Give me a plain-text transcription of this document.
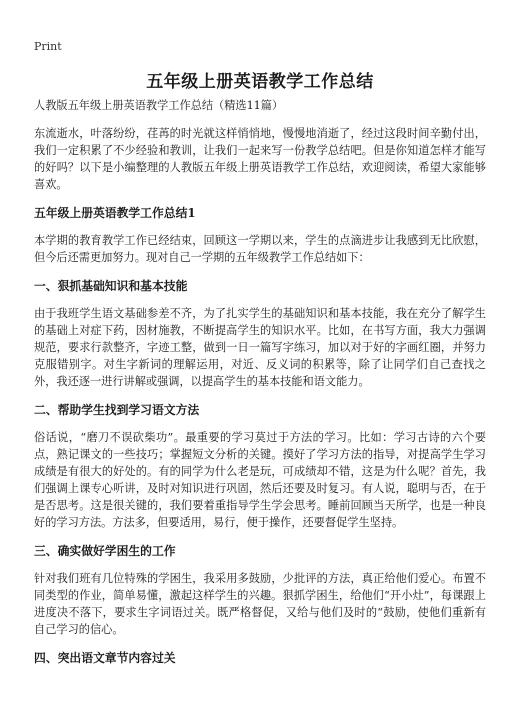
Print
五年级上册英语教学工作总结

人教版五年级上册英语教学工作总结（精选11篇）

东流逝水，叶落纷纷，荏苒的时光就这样悄悄地，慢慢地消逝了，经过这段时间辛勤付出，我们一定积累了不少经验和教训，让我们一起来写一份教学总结吧。但是你知道怎样才能写的好吗？以下是小编整理的人教版五年级上册英语教学工作总结，欢迎阅读，希望大家能够喜欢。

五年级上册英语教学工作总结1

本学期的教育教学工作已经结束，回顾这一学期以来，学生的点滴进步让我感到无比欣慰，但今后还需更加努力。现对自己一学期的五年级教学工作总结如下：

一、狠抓基础知识和基本技能

由于我班学生语文基础参差不齐，为了扎实学生的基础知识和基本技能，我在充分了解学生的基础上对症下药，因材施教，不断提高学生的知识水平。比如，在书写方面，我大力强调规范，要求行款整齐，字迹工整，做到一日一篇写字练习，加以对于好的字画红圈，并努力克服错别字。对生字新词的理解运用，对近、反义词的积累等，除了让同学们自己查找之外，我还逐一进行讲解或强调，以提高学生的基本技能和语文能力。

二、帮助学生找到学习语文方法

俗话说，“磨刀不误砍柴功”。最重要的学习莫过于方法的学习。比如：学习古诗的六个要点，熟记课文的一些技巧；掌握短文分析的关键。摸好了学习方法的指导，对提高学生学习成绩是有很大的好处的。有的同学为什么老是玩，可成绩却不错，这是为什么呢？首先，我们强调上课专心听讲，及时对知识进行巩固，然后还要及时复习。有人说，聪明与否，在于是否思考。这是很关键的，我们要着重指导学生学会思考。睡前回顾当天所学，也是一种良好的学习方法。方法多，但要适用，易行，便于操作，还要督促学生坚持。

三、确实做好学困生的工作

针对我们班有几位特殊的学困生，我采用多鼓励，少批评的方法，真正给他们爱心。布置不同类型的作业，简单易懂，激起这样学生的兴趣。狠抓学困生，给他们“开小灶”，每课跟上进度决不落下，要求生字词语过关。既严格督促，又给与他们及时的“鼓励，使他们重新有自己学习的信心。

四、突出语文章节内容过关
